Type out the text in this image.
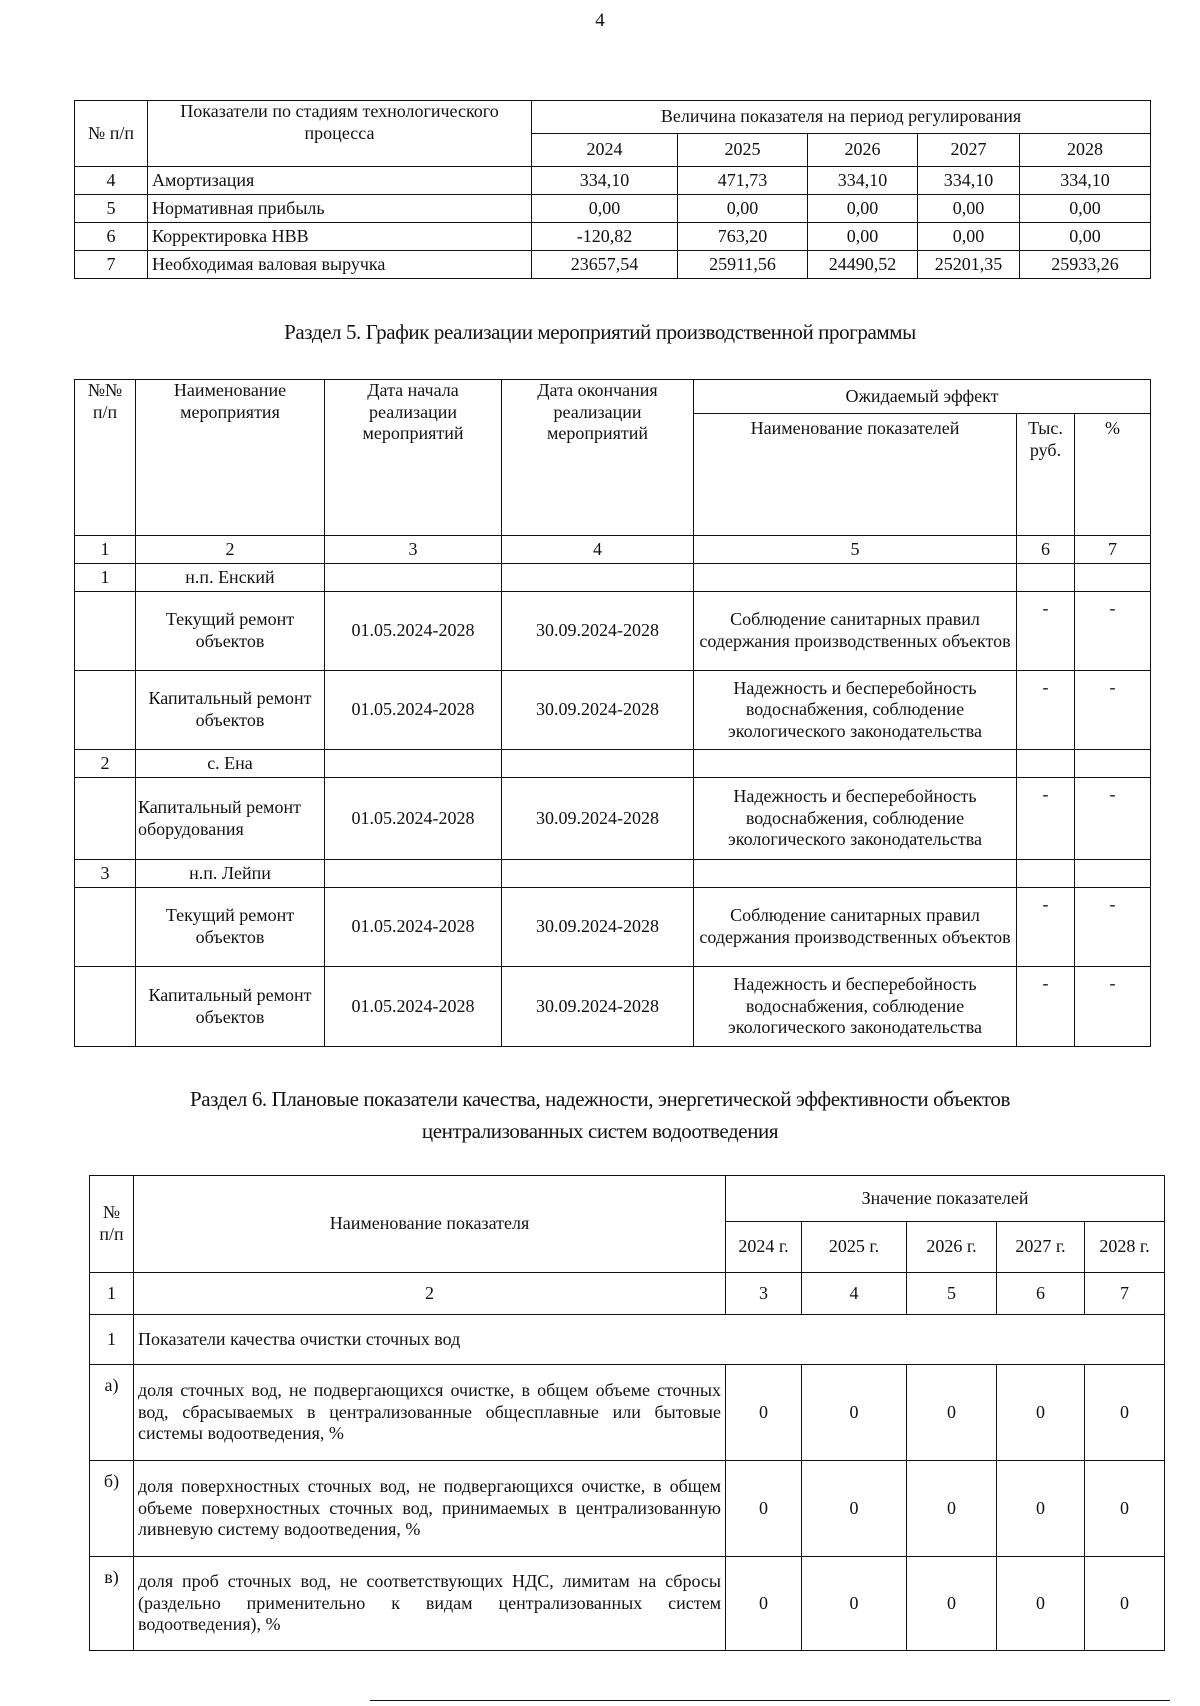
4
№ п/п	Показатели по стадиям технологического процесса	Величина показателя на период регулирования				
		2024	2025	2026	2027	2028
4	Амортизация	334,10	471,73	334,10	334,10	334,10
5	Нормативная прибыль	0,00	0,00	0,00	0,00	0,00
6	Корректировка НВВ	-120,82	763,20	0,00	0,00	0,00
7	Необходимая валовая выручка	23657,54	25911,56	24490,52	25201,35	25933,26
Раздел 5. График реализации мероприятий производственной программы
№№ п/п	Наименование мероприятия	Дата начала реализации мероприятий	Дата окончания реализации мероприятий	Ожидаемый эффект		
				Наименование показателей	Тыс. руб.	%
1	2	3	4	5	6	7
1	н.п. Енский					
	Текущий ремонт объектов	01.05.2024-2028	30.09.2024-2028	Соблюдение санитарных правил содержания производственных объектов	-	-
	Капитальный ремонт объектов	01.05.2024-2028	30.09.2024-2028	Надежность и бесперебойность водоснабжения, соблюдение экологического законодательства	-	-
2	с. Ена					
	Капитальный ремонт оборудования	01.05.2024-2028	30.09.2024-2028	Надежность и бесперебойность водоснабжения, соблюдение экологического законодательства	-	-
3	н.п. Лейпи					
	Текущий ремонт объектов	01.05.2024-2028	30.09.2024-2028	Соблюдение санитарных правил содержания производственных объектов	-	-
	Капитальный ремонт объектов	01.05.2024-2028	30.09.2024-2028	Надежность и бесперебойность водоснабжения, соблюдение экологического законодательства	-	-
Раздел 6. Плановые показатели качества, надежности, энергетической эффективности объектов
централизованных систем водоотведения
№ п/п	Наименование показателя	Значение показателей				
		2024 г.	2025 г.	2026 г.	2027 г.	2028 г.
1	2	3	4	5	6	7
1	Показатели качества очистки сточных вод					
а)	доля сточных вод, не подвергающихся очистке, в общем объеме сточных вод, сбрасываемых в централизованные общесплавные или бытовые системы водоотведения, %	0	0	0	0	0
б)	доля поверхностных сточных вод, не подвергающихся очистке, в общем объеме поверхностных сточных вод, принимаемых в централизованную ливневую систему водоотведения, %	0	0	0	0	0
в)	доля проб сточных вод, не соответствующих НДС, лимитам на сбросы (раздельно применительно к видам централизованных систем водоотведения), %	0	0	0	0	0
